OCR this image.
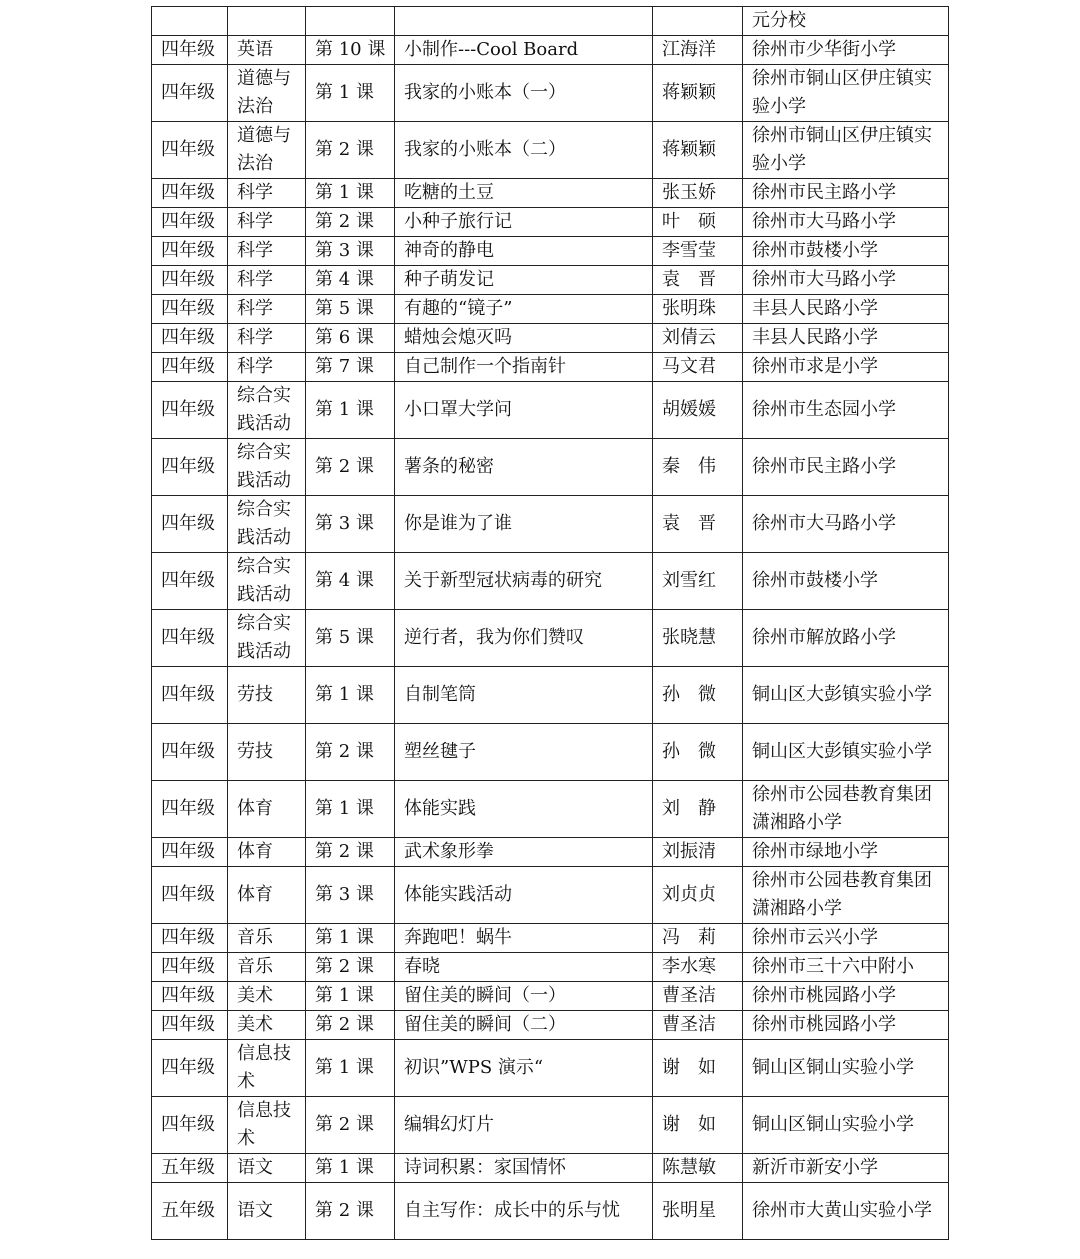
					元分校
四年级	英语	第 10 课	小制作---Cool Board	江海洋	徐州市少华街小学
四年级	道德与法治	第 1 课	我家的小账本（一）	蒋颖颖	徐州市铜山区伊庄镇实验小学
四年级	道德与法治	第 2 课	我家的小账本（二）	蒋颖颖	徐州市铜山区伊庄镇实验小学
四年级	科学	第 1 课	吃糖的土豆	张玉娇	徐州市民主路小学
四年级	科学	第 2 课	小种子旅行记	叶　硕	徐州市大马路小学
四年级	科学	第 3 课	神奇的静电	李雪莹	徐州市鼓楼小学
四年级	科学	第 4 课	种子萌发记	袁　晋	徐州市大马路小学
四年级	科学	第 5 课	有趣的“镜子”	张明珠	丰县人民路小学
四年级	科学	第 6 课	蜡烛会熄灭吗	刘倩云	丰县人民路小学
四年级	科学	第 7 课	自己制作一个指南针	马文君	徐州市求是小学
四年级	综合实践活动	第 1 课	小口罩大学问	胡媛媛	徐州市生态园小学
四年级	综合实践活动	第 2 课	薯条的秘密	秦　伟	徐州市民主路小学
四年级	综合实践活动	第 3 课	你是谁为了谁	袁　晋	徐州市大马路小学
四年级	综合实践活动	第 4 课	关于新型冠状病毒的研究	刘雪红	徐州市鼓楼小学
四年级	综合实践活动	第 5 课	逆行者，我为你们赞叹	张晓慧	徐州市解放路小学
四年级	劳技	第 1 课	自制笔筒	孙　微	铜山区大彭镇实验小学
四年级	劳技	第 2 课	塑丝毽子	孙　微	铜山区大彭镇实验小学
四年级	体育	第 1 课	体能实践	刘　静	徐州市公园巷教育集团潇湘路小学
四年级	体育	第 2 课	武术象形拳	刘振清	徐州市绿地小学
四年级	体育	第 3 课	体能实践活动	刘贞贞	徐州市公园巷教育集团潇湘路小学
四年级	音乐	第 1 课	奔跑吧！蜗牛	冯　莉	徐州市云兴小学
四年级	音乐	第 2 课	春晓	李水寒	徐州市三十六中附小
四年级	美术	第 1 课	留住美的瞬间（一）	曹圣洁	徐州市桃园路小学
四年级	美术	第 2 课	留住美的瞬间（二）	曹圣洁	徐州市桃园路小学
四年级	信息技术	第 1 课	初识”WPS 演示“	谢　如	铜山区铜山实验小学
四年级	信息技术	第 2 课	编辑幻灯片	谢　如	铜山区铜山实验小学
五年级	语文	第 1 课	诗词积累：家国情怀	陈慧敏	新沂市新安小学
五年级	语文	第 2 课	自主写作：成长中的乐与忧	张明星	徐州市大黄山实验小学
